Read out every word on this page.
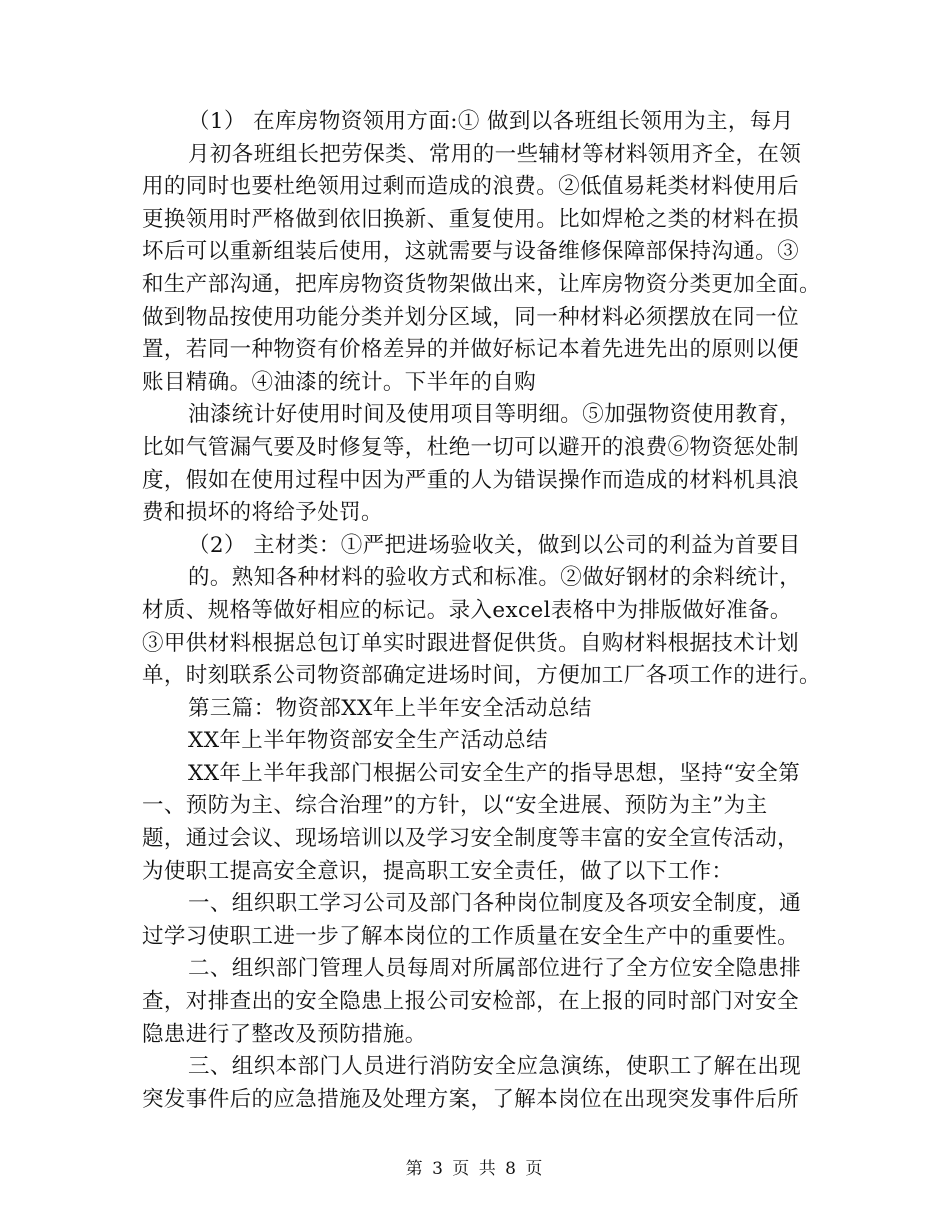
（1） 在库房物资领用方面:① 做到以各班组长领用为主，每月
月初各班组长把劳保类、常用的一些辅材等材料领用齐全，在领
用的同时也要杜绝领用过剩而造成的浪费。②低值易耗类材料使用后
更换领用时严格做到依旧换新、重复使用。比如焊枪之类的材料在损
坏后可以重新组装后使用，这就需要与设备维修保障部保持沟通。③
和生产部沟通，把库房物资货物架做出来，让库房物资分类更加全面。
做到物品按使用功能分类并划分区域，同一种材料必须摆放在同一位
置，若同一种物资有价格差异的并做好标记本着先进先出的原则以便
账目精确。④油漆的统计。下半年的自购
油漆统计好使用时间及使用项目等明细。⑤加强物资使用教育，
比如气管漏气要及时修复等，杜绝一切可以避开的浪费⑥物资惩处制
度，假如在使用过程中因为严重的人为错误操作而造成的材料机具浪
费和损坏的将给予处罚。
（2） 主材类：①严把进场验收关，做到以公司的利益为首要目
的。熟知各种材料的验收方式和标准。②做好钢材的余料统计，
材质、规格等做好相应的标记。录入excel表格中为排版做好准备。
③甲供材料根据总包订单实时跟进督促供货。自购材料根据技术计划
单，时刻联系公司物资部确定进场时间，方便加工厂各项工作的进行。
第三篇：物资部XX年上半年安全活动总结
XX年上半年物资部安全生产活动总结
XX年上半年我部门根据公司安全生产的指导思想，坚持“安全第
一、预防为主、综合治理”的方针，以“安全进展、预防为主”为主
题，通过会议、现场培训以及学习安全制度等丰富的安全宣传活动，
为使职工提高安全意识，提高职工安全责任，做了以下工作：
一、组织职工学习公司及部门各种岗位制度及各项安全制度，通
过学习使职工进一步了解本岗位的工作质量在安全生产中的重要性。
二、组织部门管理人员每周对所属部位进行了全方位安全隐患排
查，对排查出的安全隐患上报公司安检部，在上报的同时部门对安全
隐患进行了整改及预防措施。
三、组织本部门人员进行消防安全应急演练，使职工了解在出现
突发事件后的应急措施及处理方案，了解本岗位在出现突发事件后所
第 3 页 共 8 页
